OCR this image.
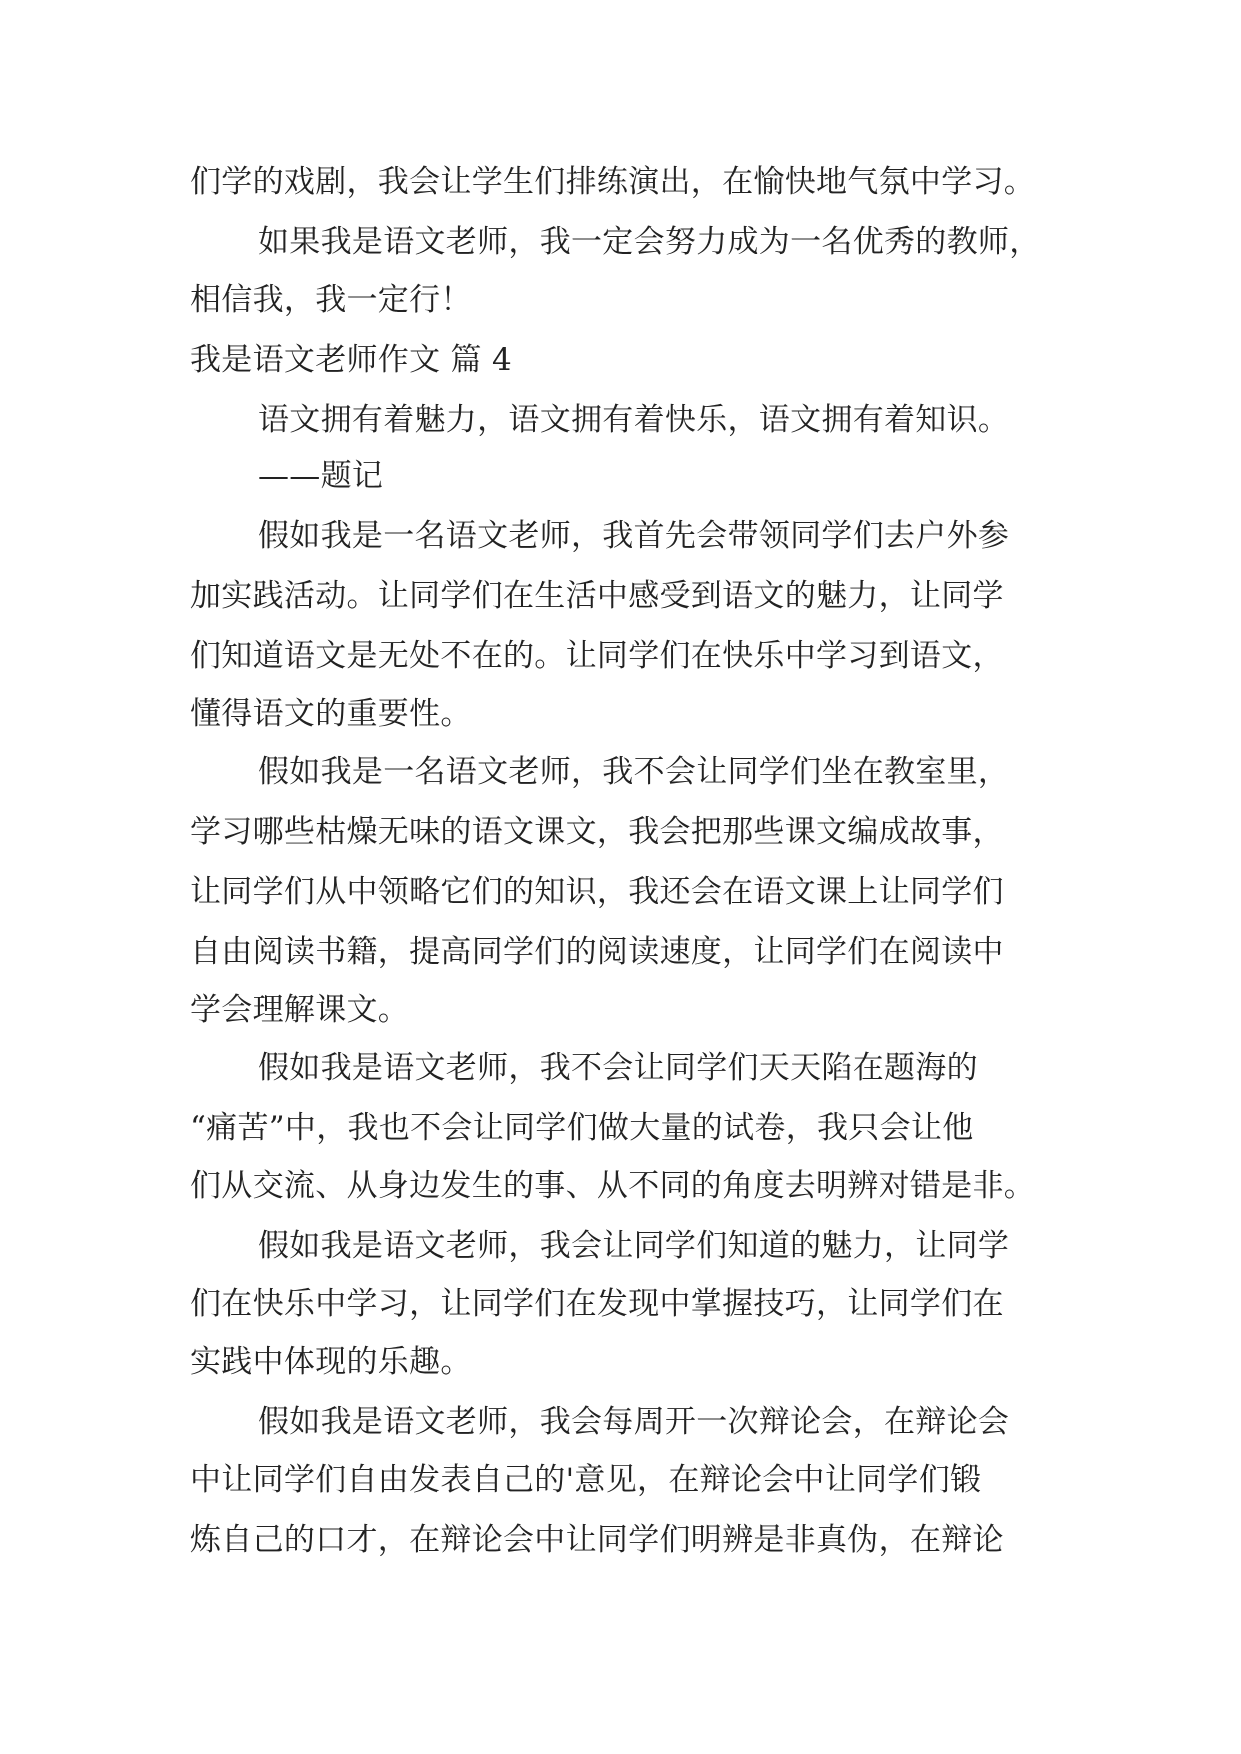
们学的戏剧，我会让学生们排练演出，在愉快地气氛中学习。
如果我是语文老师，我一定会努力成为一名优秀的教师，
相信我，我一定行！
我是语文老师作文 篇 4
语文拥有着魅力，语文拥有着快乐，语文拥有着知识。
——题记
假如我是一名语文老师，我首先会带领同学们去户外参
加实践活动。让同学们在生活中感受到语文的魅力，让同学
们知道语文是无处不在的。让同学们在快乐中学习到语文，
懂得语文的重要性。
假如我是一名语文老师，我不会让同学们坐在教室里，
学习哪些枯燥无味的语文课文，我会把那些课文编成故事，
让同学们从中领略它们的知识，我还会在语文课上让同学们
自由阅读书籍，提高同学们的阅读速度，让同学们在阅读中
学会理解课文。
假如我是语文老师，我不会让同学们天天陷在题海的
“痛苦”中，我也不会让同学们做大量的试卷，我只会让他
们从交流、从身边发生的事、从不同的角度去明辨对错是非。
假如我是语文老师，我会让同学们知道的魅力，让同学
们在快乐中学习，让同学们在发现中掌握技巧，让同学们在
实践中体现的乐趣。
假如我是语文老师，我会每周开一次辩论会，在辩论会
中让同学们自由发表自己的'意见，在辩论会中让同学们锻
炼自己的口才，在辩论会中让同学们明辨是非真伪，在辩论
